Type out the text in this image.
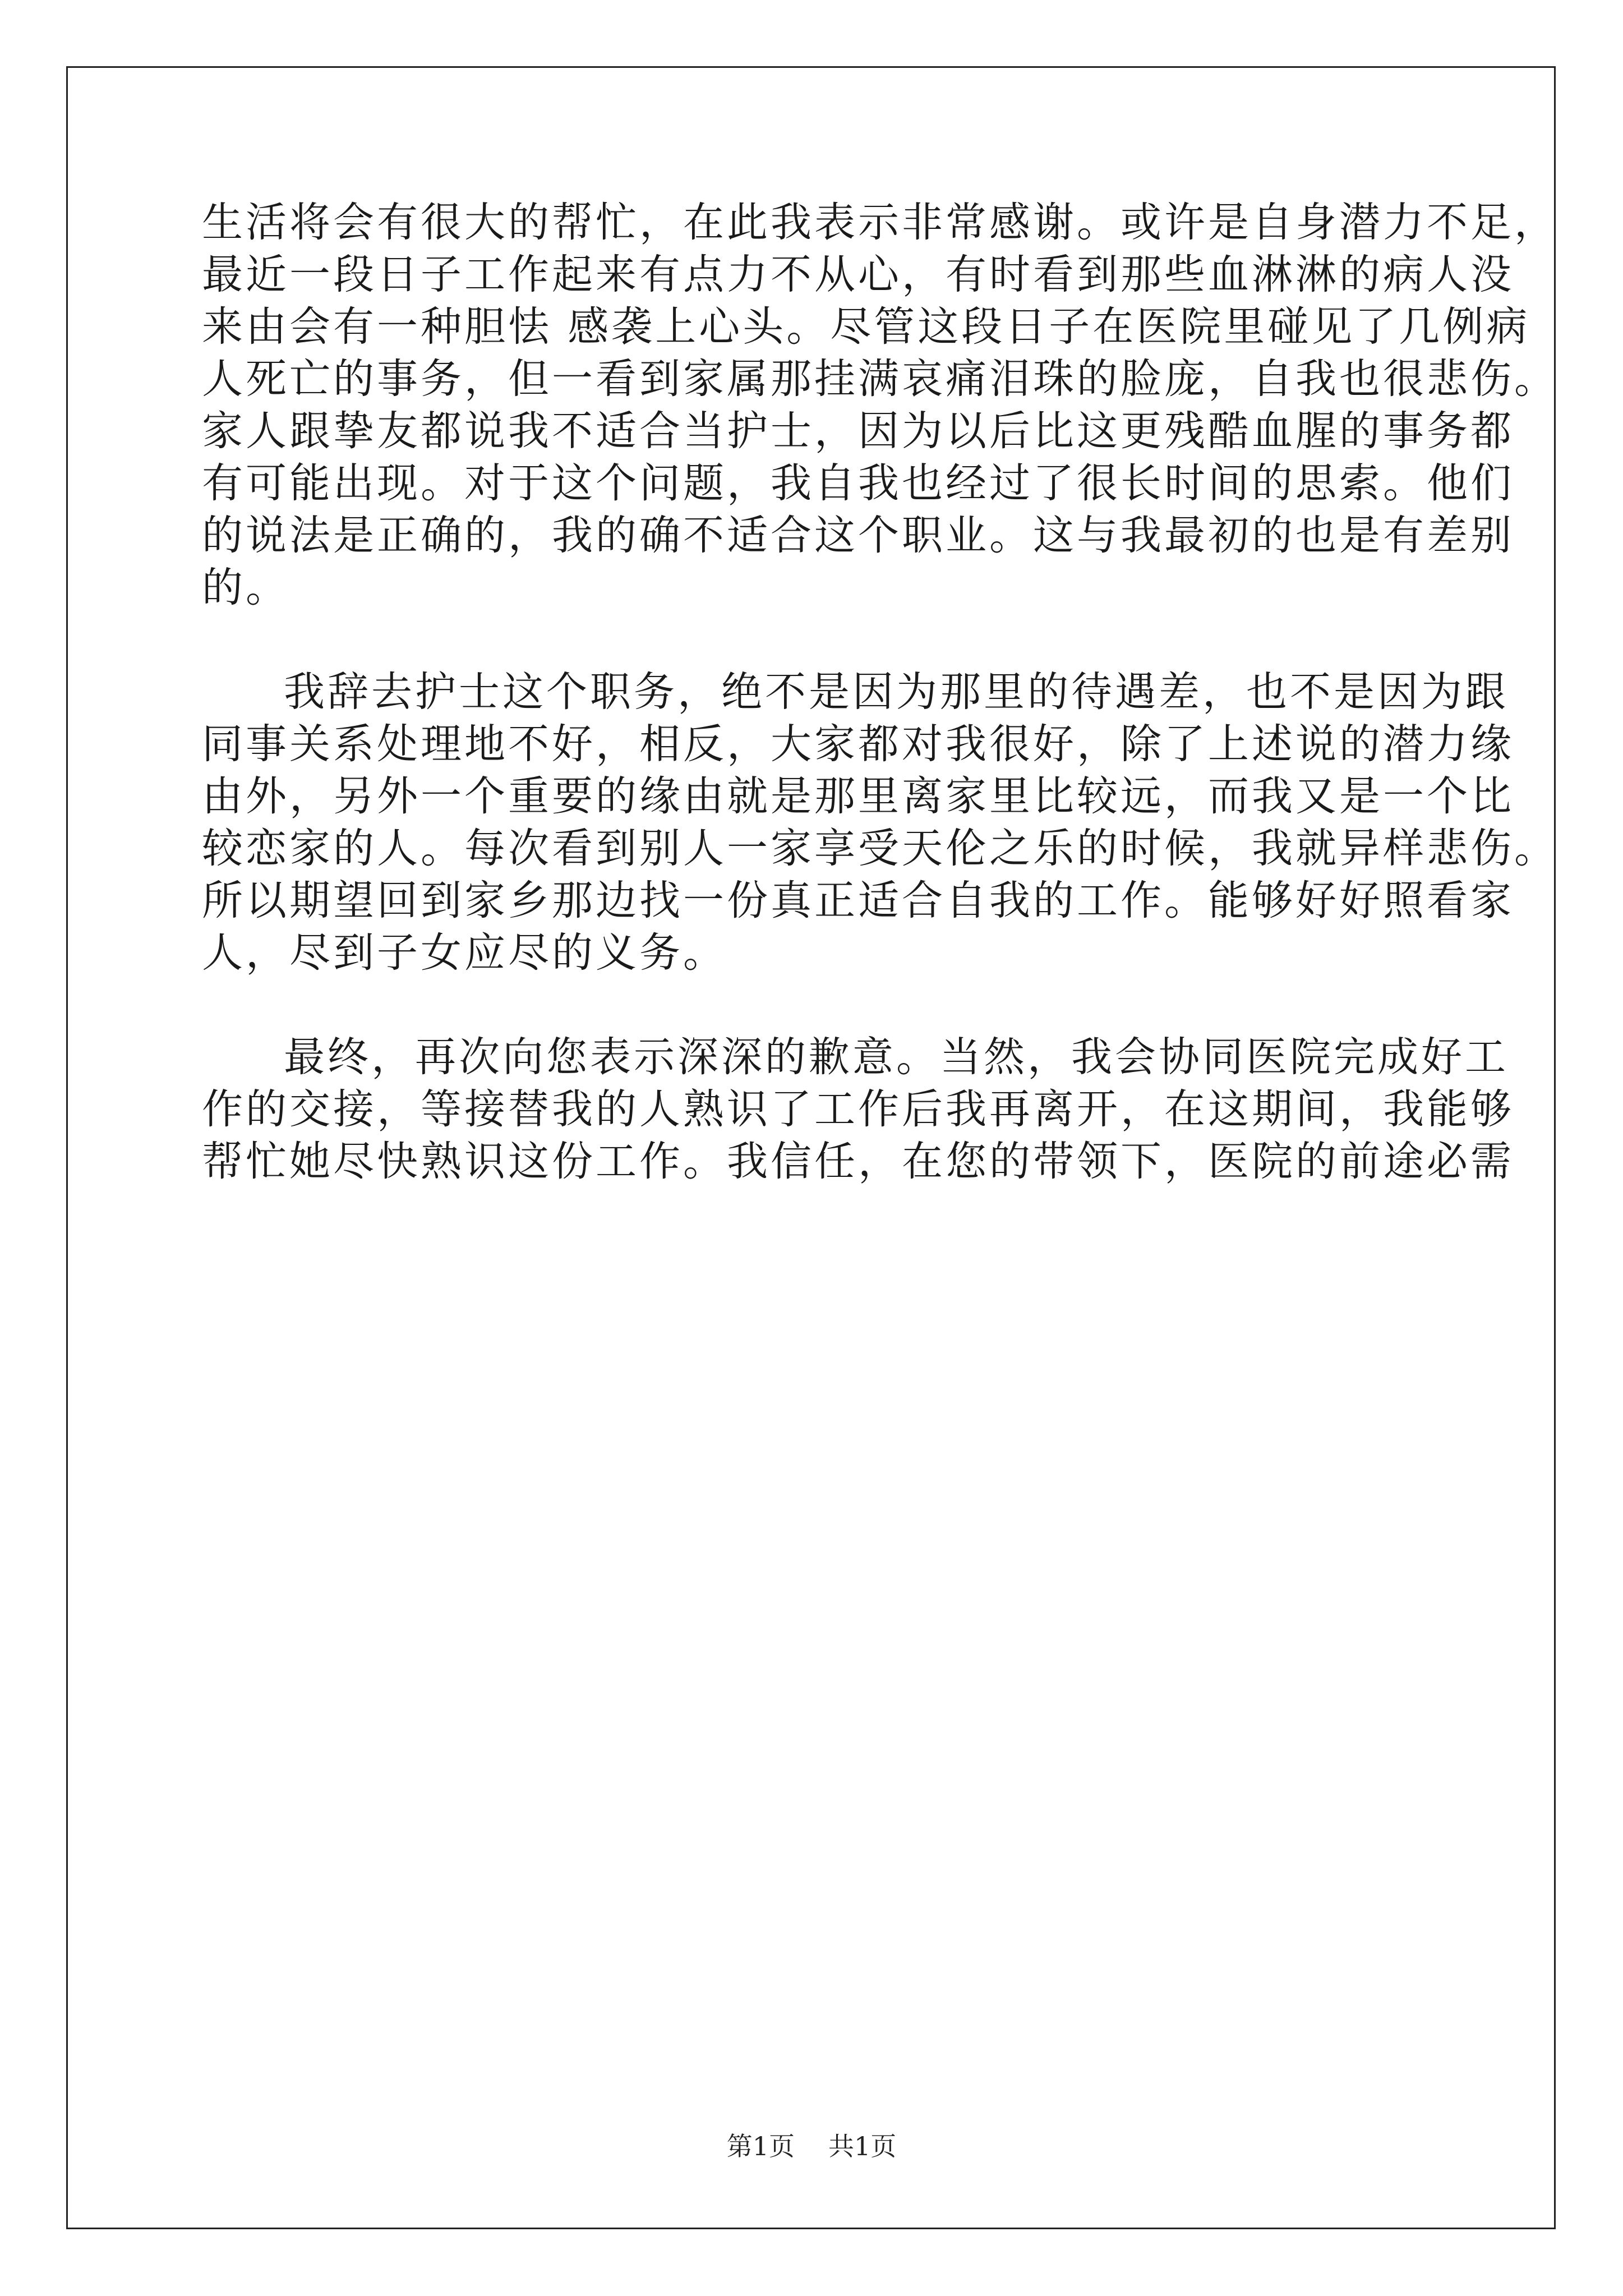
生活将会有很大的帮忙，在此我表示非常感谢。或许是自身潜力不足，
最近一段日子工作起来有点力不从心，有时看到那些血淋淋的病人没
来由会有一种胆怯 感袭上心头。尽管这段日子在医院里碰见了几例病
人死亡的事务，但一看到家属那挂满哀痛泪珠的脸庞，自我也很悲伤。
家人跟挚友都说我不适合当护士，因为以后比这更残酷血腥的事务都
有可能出现。对于这个问题，我自我也经过了很长时间的思索。他们
的说法是正确的，我的确不适合这个职业。这与我最初的也是有差别
的。

我辞去护士这个职务，绝不是因为那里的待遇差，也不是因为跟
同事关系处理地不好，相反，大家都对我很好，除了上述说的潜力缘
由外，另外一个重要的缘由就是那里离家里比较远，而我又是一个比
较恋家的人。每次看到别人一家享受天伦之乐的时候，我就异样悲伤。
所以期望回到家乡那边找一份真正适合自我的工作。能够好好照看家
人，尽到子女应尽的义务。

最终，再次向您表示深深的歉意。当然，我会协同医院完成好工
作的交接，等接替我的人熟识了工作后我再离开，在这期间，我能够
帮忙她尽快熟识这份工作。我信任，在您的带领下，医院的前途必需

第1页 共1页
